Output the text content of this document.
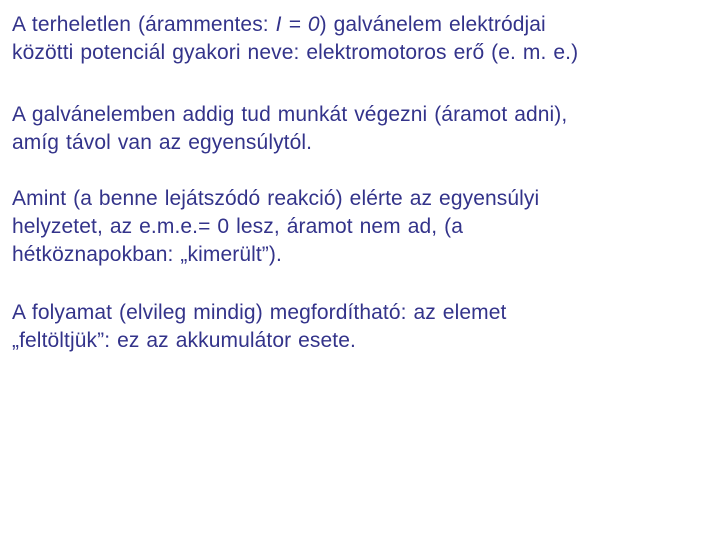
A terheletlen (árammentes: I = 0) galvánelem elektródjai
közötti potenciál gyakori neve: elektromotoros erő (e. m. e.)

A galvánelemben addig tud munkát végezni (áramot adni),
amíg távol van az egyensúlytól.

Amint (a benne lejátszódó reakció) elérte az egyensúlyi
helyzetet, az e.m.e.= 0 lesz, áramot nem ad, (a
hétköznapokban: „kimerült”).

A folyamat (elvileg mindig) megfordítható: az elemet
„feltöltjük”: ez az akkumulátor esete.
